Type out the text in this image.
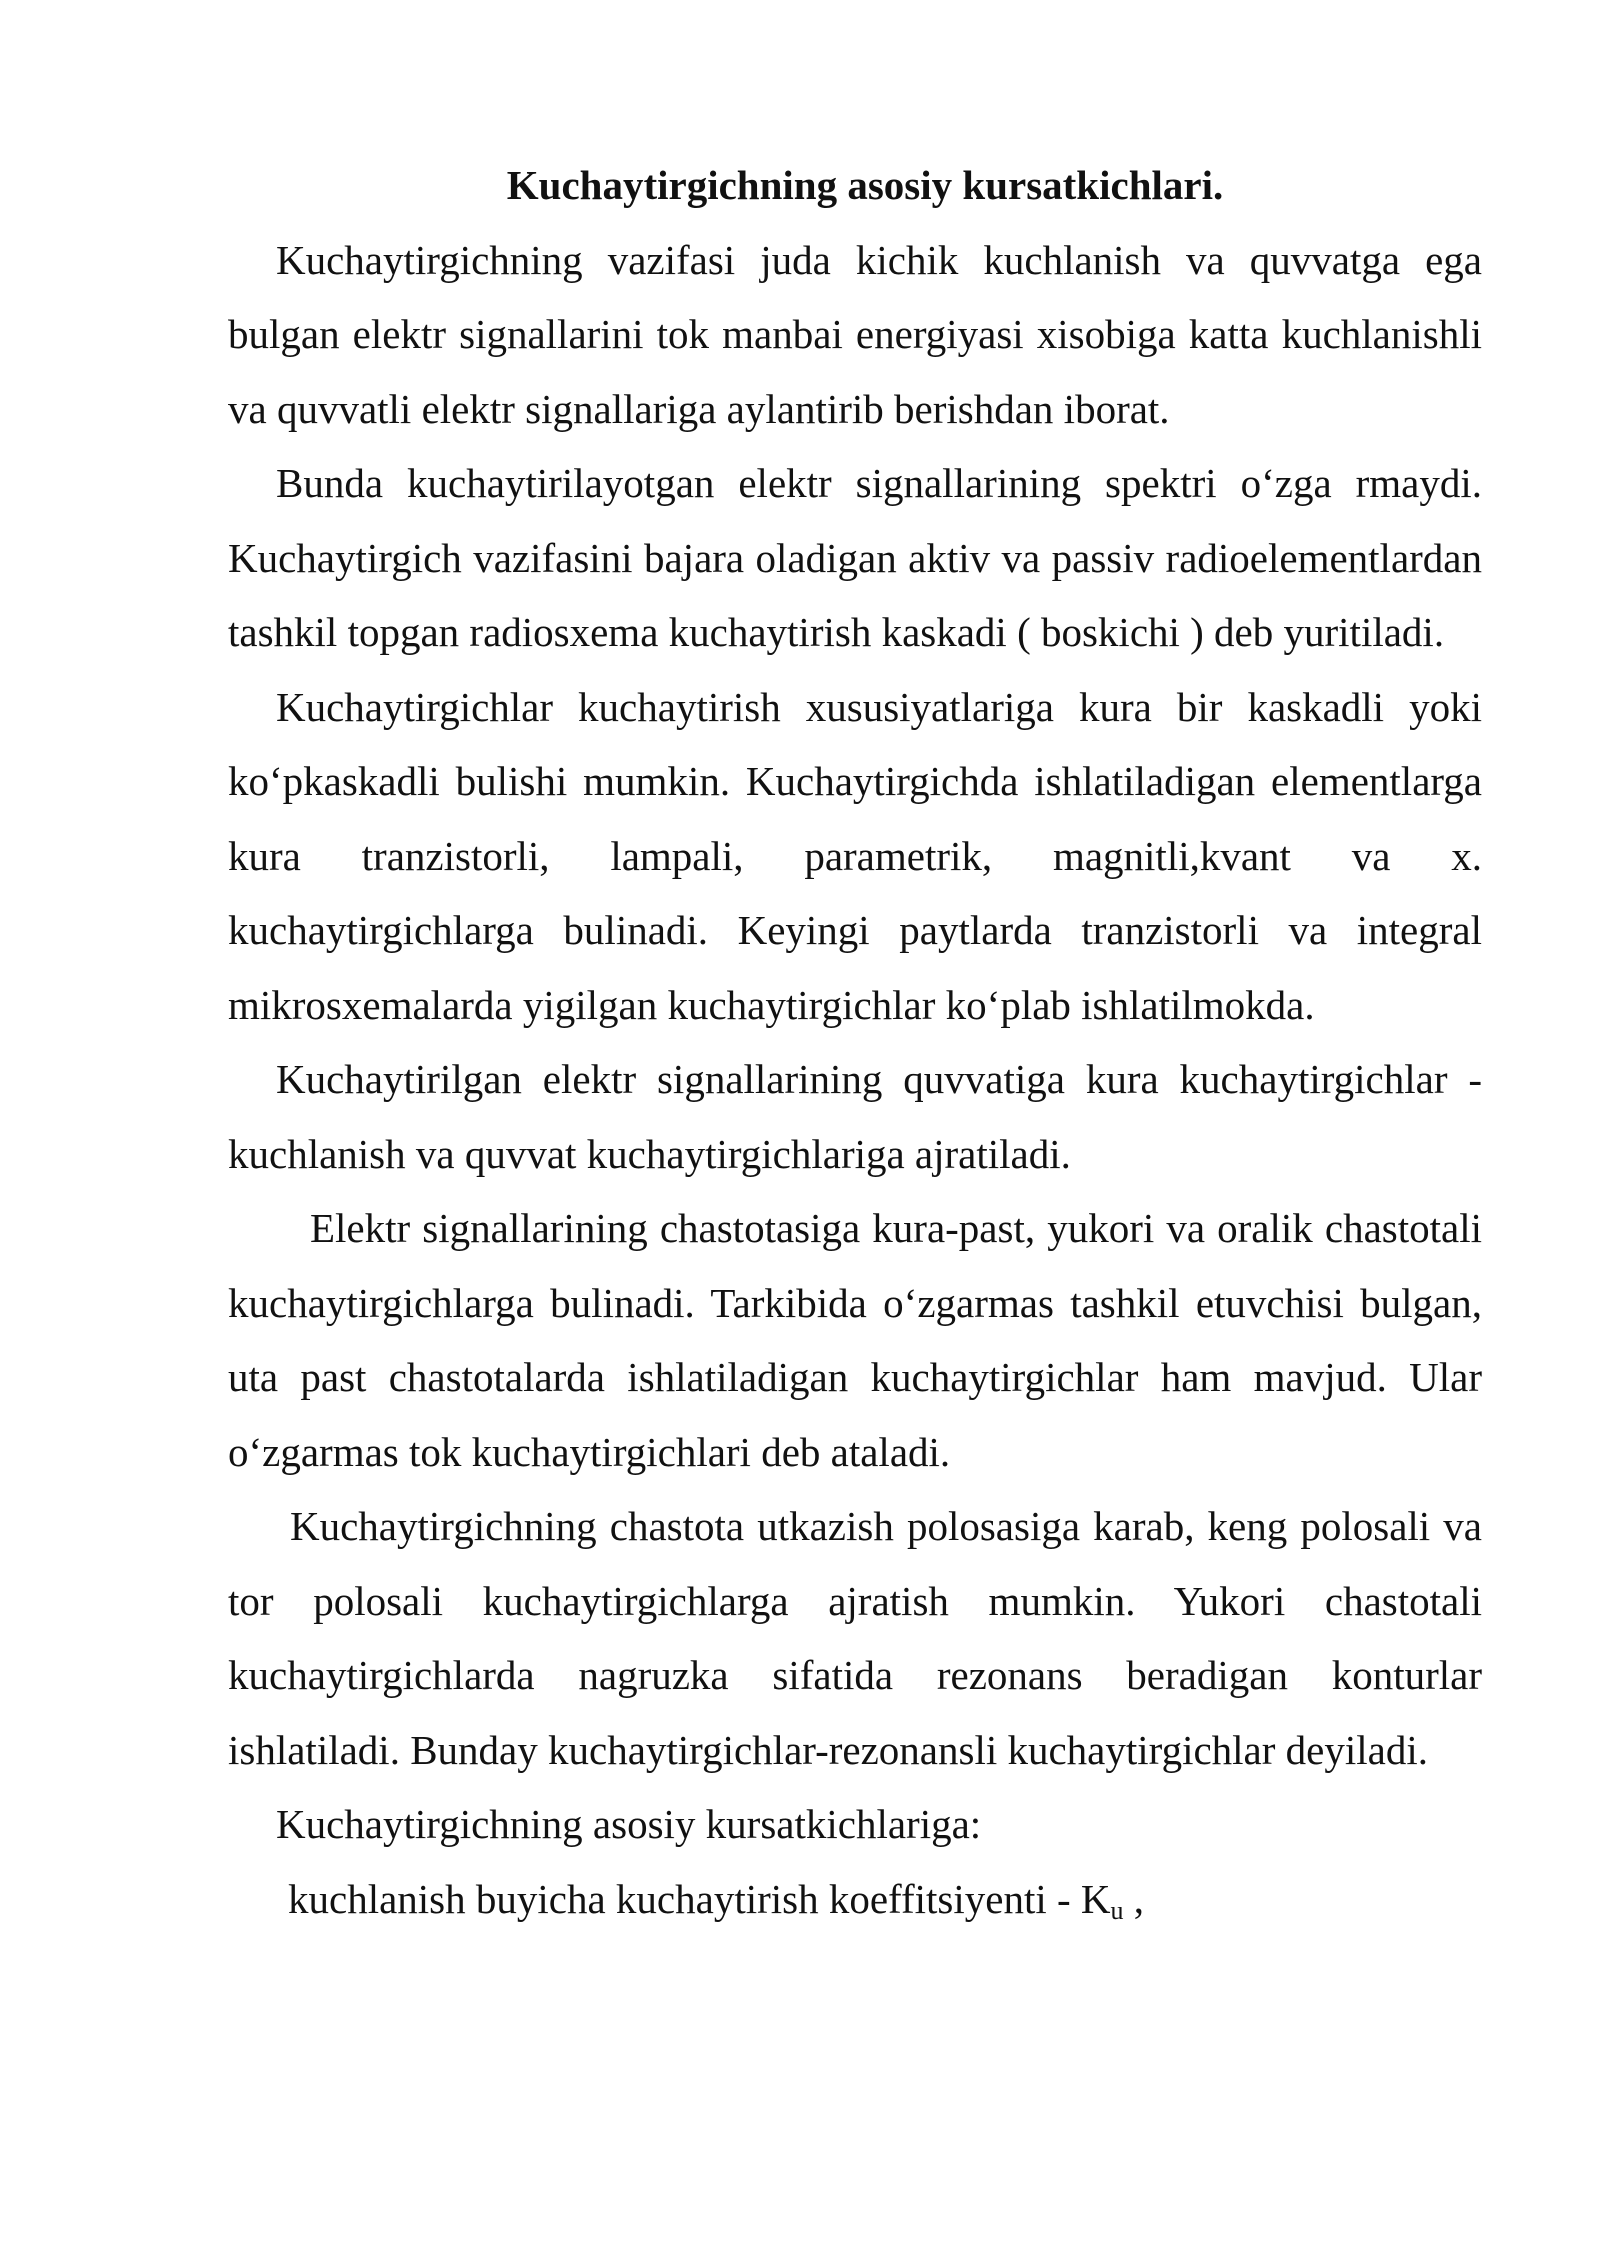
Kuchaytirgichning asosiy kursatkichlari.

Kuchaytirgichning vazifasi juda kichik kuchlanish va quvvatga ega bulgan elektr signallarini tok manbai energiyasi xisobiga katta kuchlanishli va quvvatli elektr signallariga aylantirib berishdan iborat.

Bunda kuchaytirilayotgan elektr signallarining spektri o‘zga rmaydi. Kuchaytirgich vazifasini bajara oladigan aktiv va passiv radioelementlardan tashkil topgan radiosxema kuchaytirish kaskadi ( boskichi ) deb yuritiladi.

Kuchaytirgichlar kuchaytirish xususiyatlariga kura bir kaskadli yoki ko‘pkaskadli bulishi mumkin. Kuchaytirgichda ishlatiladigan elementlarga kura tranzistorli, lampali, parametrik, magnitli,kvant va x. kuchaytirgichlarga bulinadi. Keyingi paytlarda tranzistorli va integral mikrosxemalarda yigilgan kuchaytirgichlar ko‘plab ishlatilmokda.

Kuchaytirilgan elektr signallarining quvvatiga kura kuchaytirgichlar - kuchlanish va quvvat kuchaytirgichlariga ajratiladi.

Elektr signallarining chastotasiga kura-past, yukori va oralik chastotali kuchaytirgichlarga bulinadi. Tarkibida o‘zgarmas tashkil etuvchisi bulgan, uta past chastotalarda ishlatiladigan kuchaytirgichlar ham mavjud. Ular o‘zgarmas tok kuchaytirgichlari deb ataladi.

Kuchaytirgichning chastota utkazish polosasiga karab, keng polosali va tor polosali kuchaytirgichlarga ajratish mumkin. Yukori chastotali kuchaytirgichlarda nagruzka sifatida rezonans beradigan konturlar ishlatiladi. Bunday kuchaytirgichlar-rezonansli kuchaytirgichlar deyiladi.

Kuchaytirgichning asosiy kursatkichlariga:

kuchlanish buyicha kuchaytirish koeffitsiyenti - $K_u$ ,
